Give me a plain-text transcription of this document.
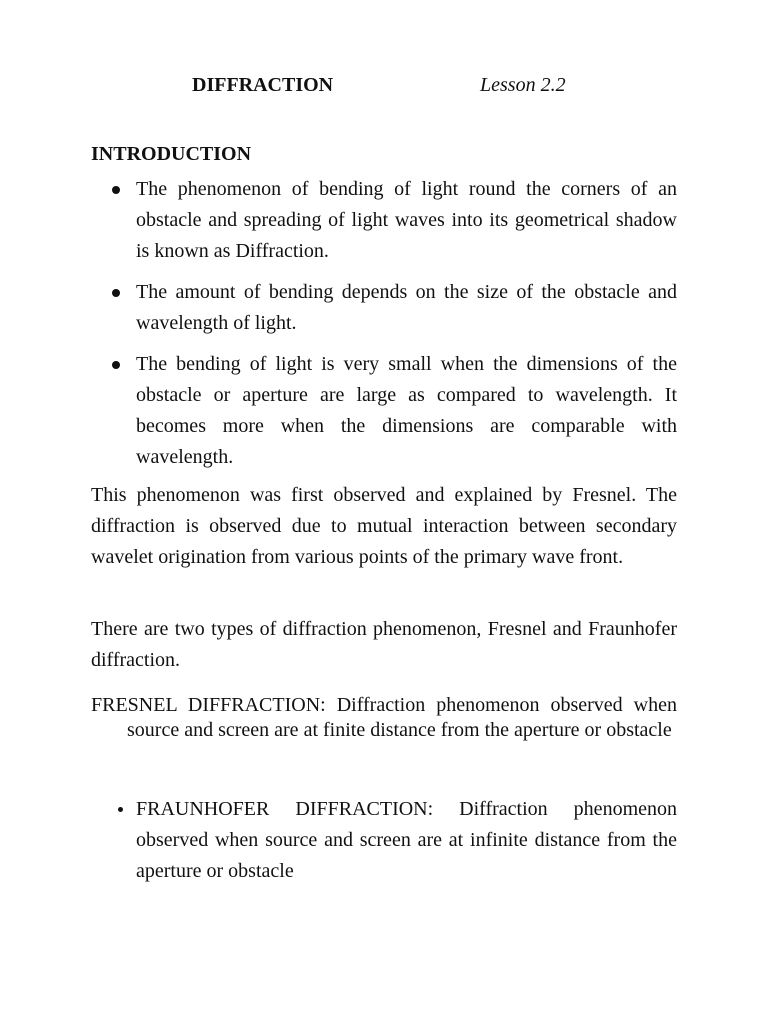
DIFFRACTION	Lesson 2.2
INTRODUCTION
The phenomenon of bending of light round the corners of an obstacle and spreading of light waves into its geometrical shadow is known as Diffraction.
The amount of bending depends on the size of the obstacle and wavelength of light.
The bending of light is very small when the dimensions of the obstacle or aperture are large as compared to wavelength. It becomes more when the dimensions are comparable with wavelength.

This phenomenon was first observed and explained by Fresnel. The diffraction is observed due to mutual interaction between secondary wavelet origination from various points of the primary wave front.

There are two types of diffraction phenomenon, Fresnel and Fraunhofer diffraction.

FRESNEL DIFFRACTION: Diffraction phenomenon observed when source and screen are at finite distance from the aperture or obstacle

FRAUNHOFER DIFFRACTION: Diffraction phenomenon observed when source and screen are at infinite distance from the aperture or obstacle
